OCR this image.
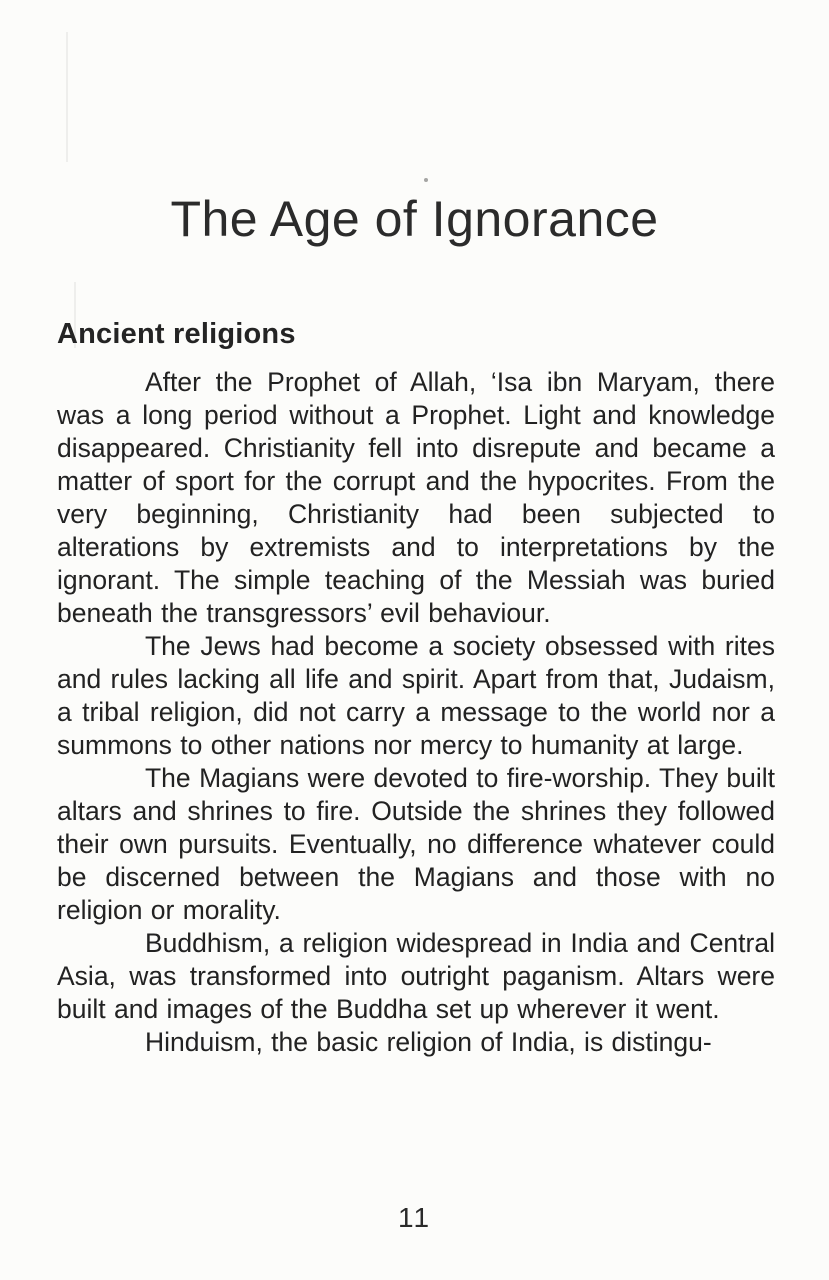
The Age of Ignorance
Ancient religions

After the Prophet of Allah, ‘Isa ibn Maryam, there was a long period without a Prophet. Light and knowledge disappeared. Christianity fell into disrepute and became a matter of sport for the corrupt and the hypocrites. From the very beginning, Christianity had been subjected to alterations by extremists and to interpretations by the ignorant. The simple teaching of the Messiah was buried beneath the transgressors’ evil behaviour.

The Jews had become a society obsessed with rites and rules lacking all life and spirit. Apart from that, Judaism, a tribal religion, did not carry a message to the world nor a summons to other nations nor mercy to humanity at large.

The Magians were devoted to fire-worship. They built altars and shrines to fire. Outside the shrines they followed their own pursuits. Eventually, no difference whatever could be discerned between the Magians and those with no religion or morality.

Buddhism, a religion widespread in India and Central Asia, was transformed into outright paganism. Altars were built and images of the Buddha set up wherever it went.

Hinduism, the basic religion of India, is distingu-

11
